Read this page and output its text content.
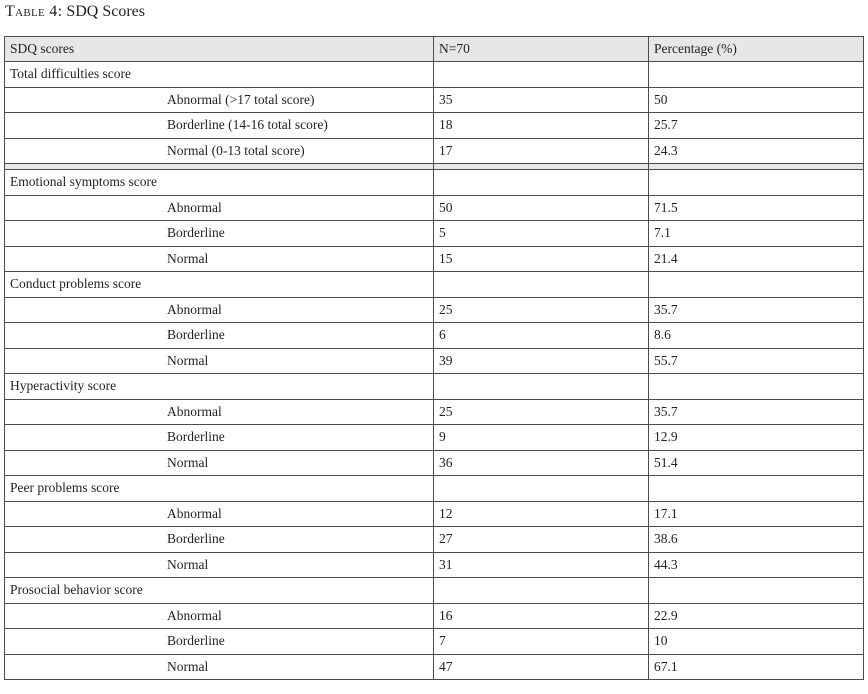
Table 4: SDQ Scores
SDQ scores	N=70	Percentage (%)
Total difficulties score		
Abnormal (>17 total score)	35	50
Borderline (14-16 total score)	18	25.7
Normal (0-13 total score)	17	24.3

Emotional symptoms score		
Abnormal	50	71.5
Borderline	5	7.1
Normal	15	21.4
Conduct problems score		
Abnormal	25	35.7
Borderline	6	8.6
Normal	39	55.7
Hyperactivity score		
Abnormal	25	35.7
Borderline	9	12.9
Normal	36	51.4
Peer problems score		
Abnormal	12	17.1
Borderline	27	38.6
Normal	31	44.3
Prosocial behavior score		
Abnormal	16	22.9
Borderline	7	10
Normal	47	67.1
